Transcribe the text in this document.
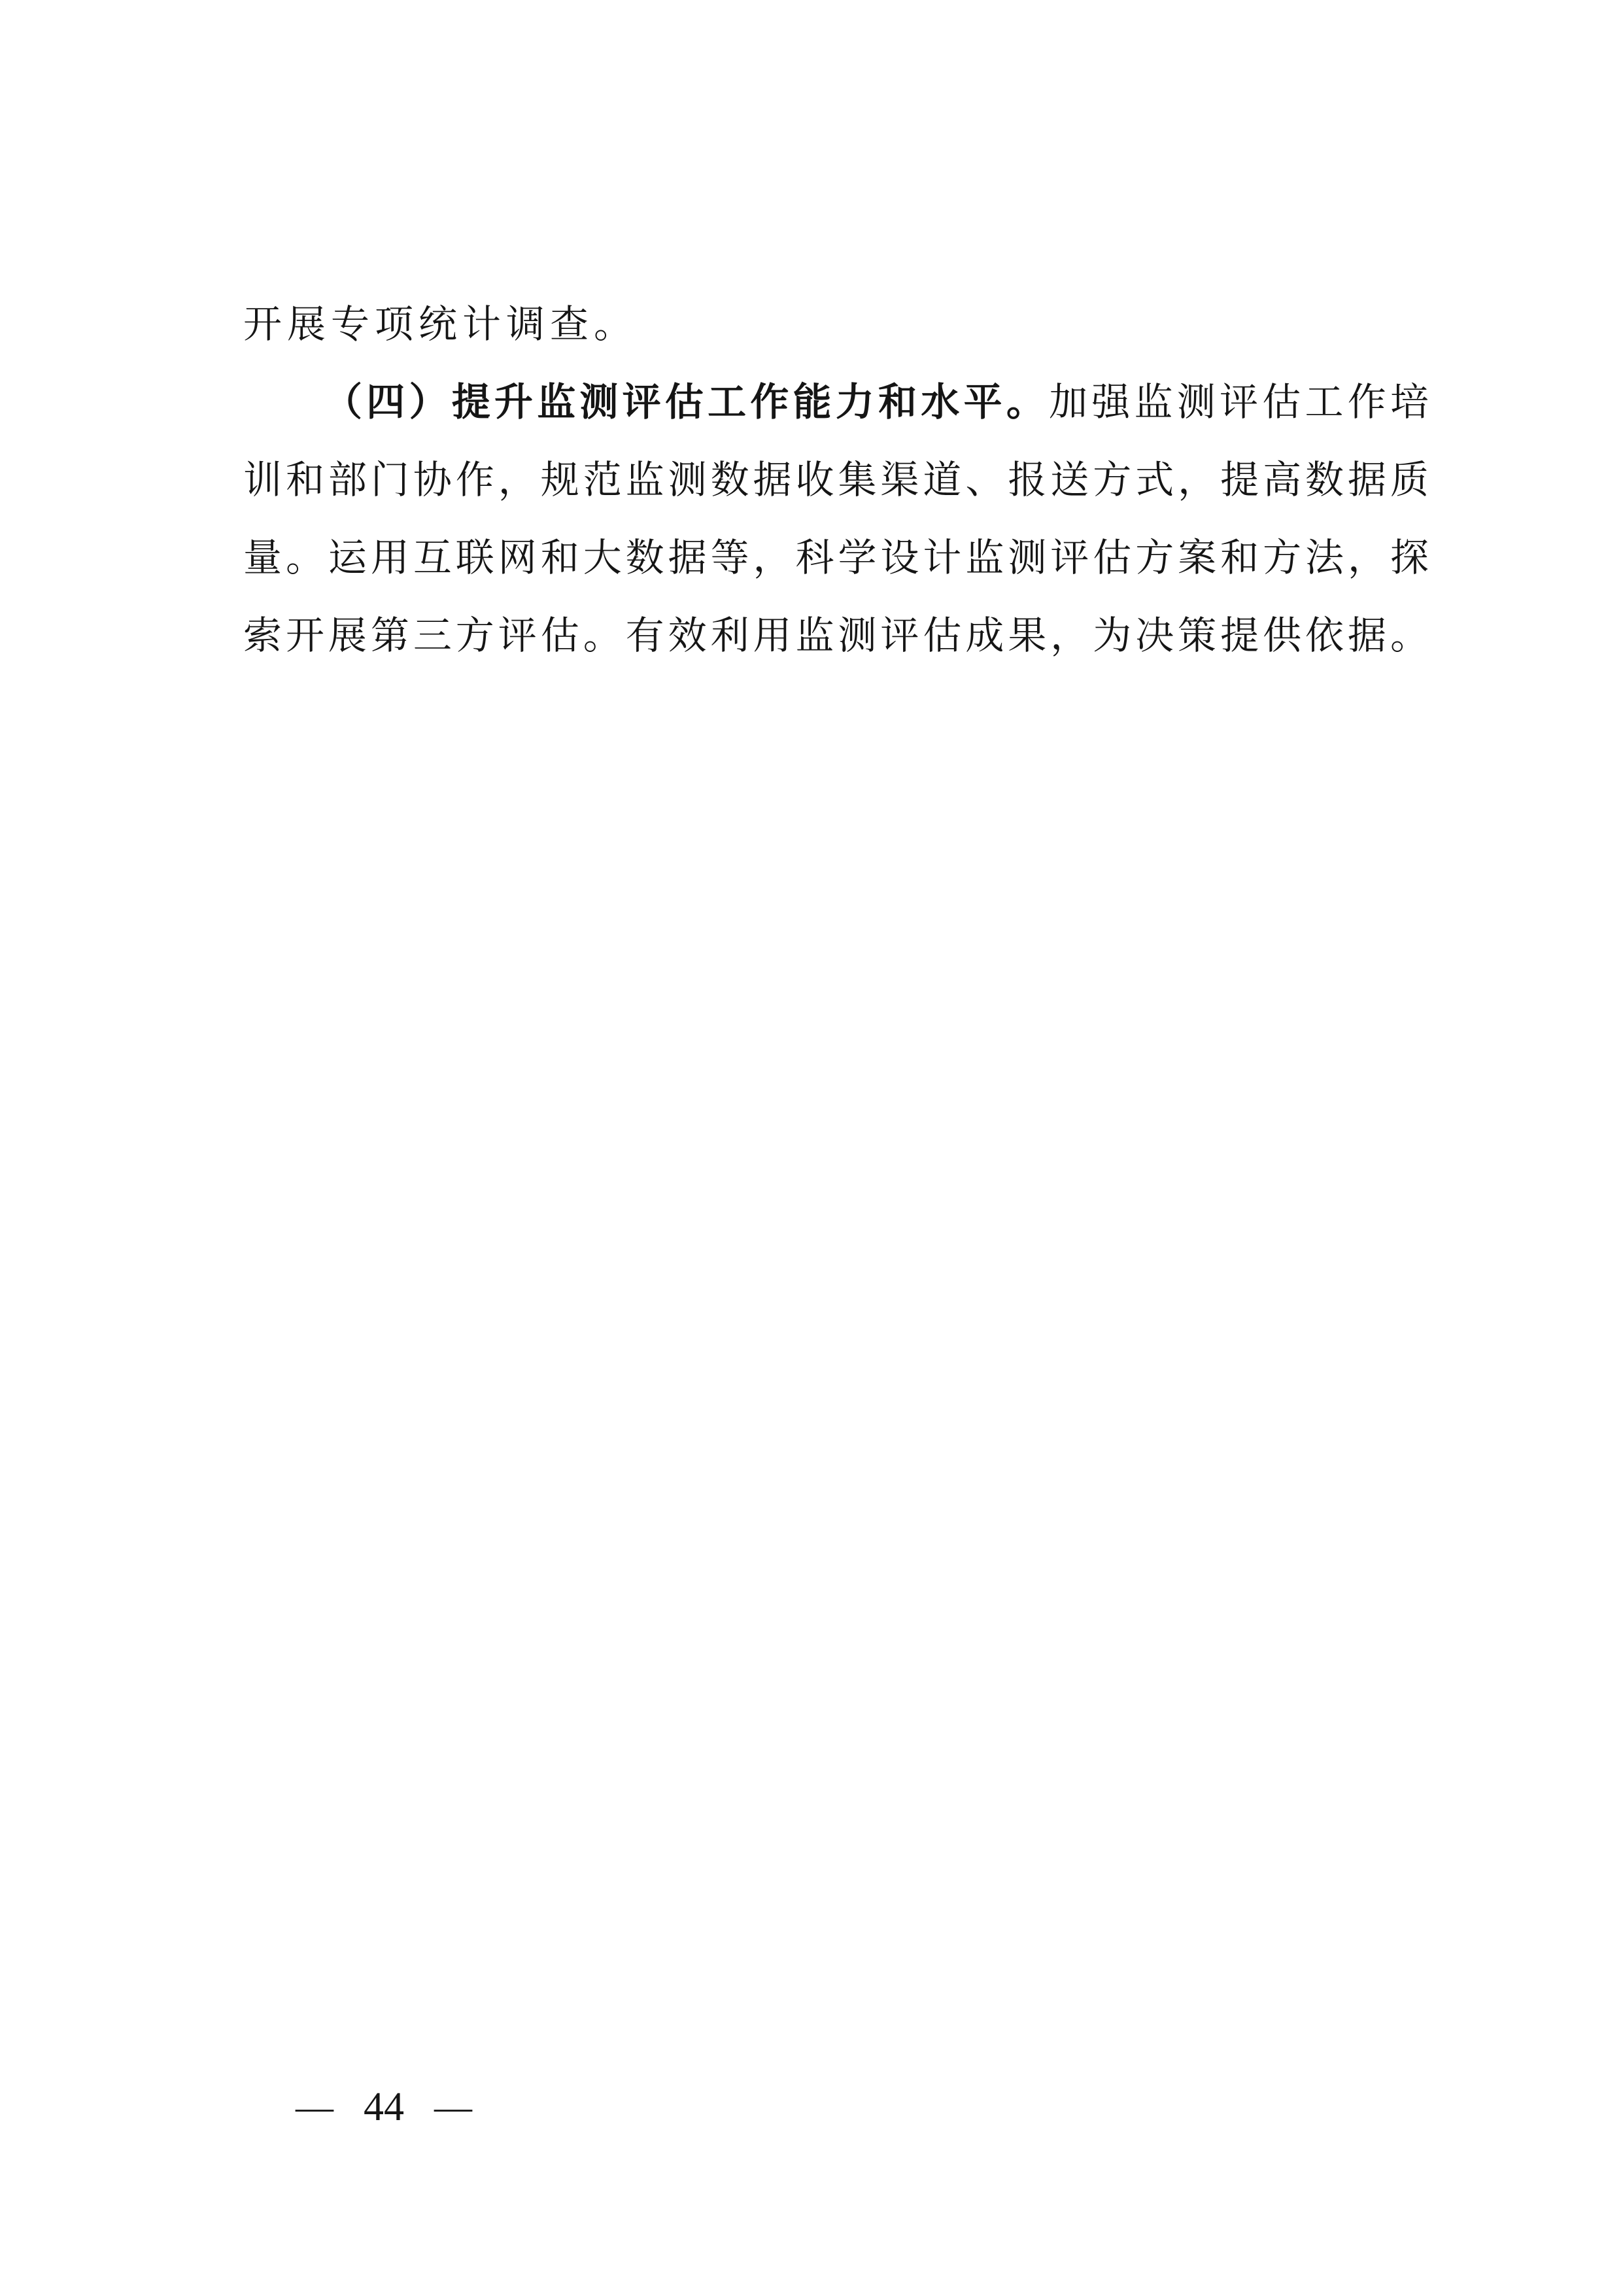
开展专项统计调查。
（四）提升监测评估工作能力和水平。加强监测评估工作培
训和部门协作，规范监测数据收集渠道、报送方式，提高数据质
量。运用互联网和大数据等，科学设计监测评估方案和方法，探
索开展第三方评估。有效利用监测评估成果，为决策提供依据。
— 44 —
